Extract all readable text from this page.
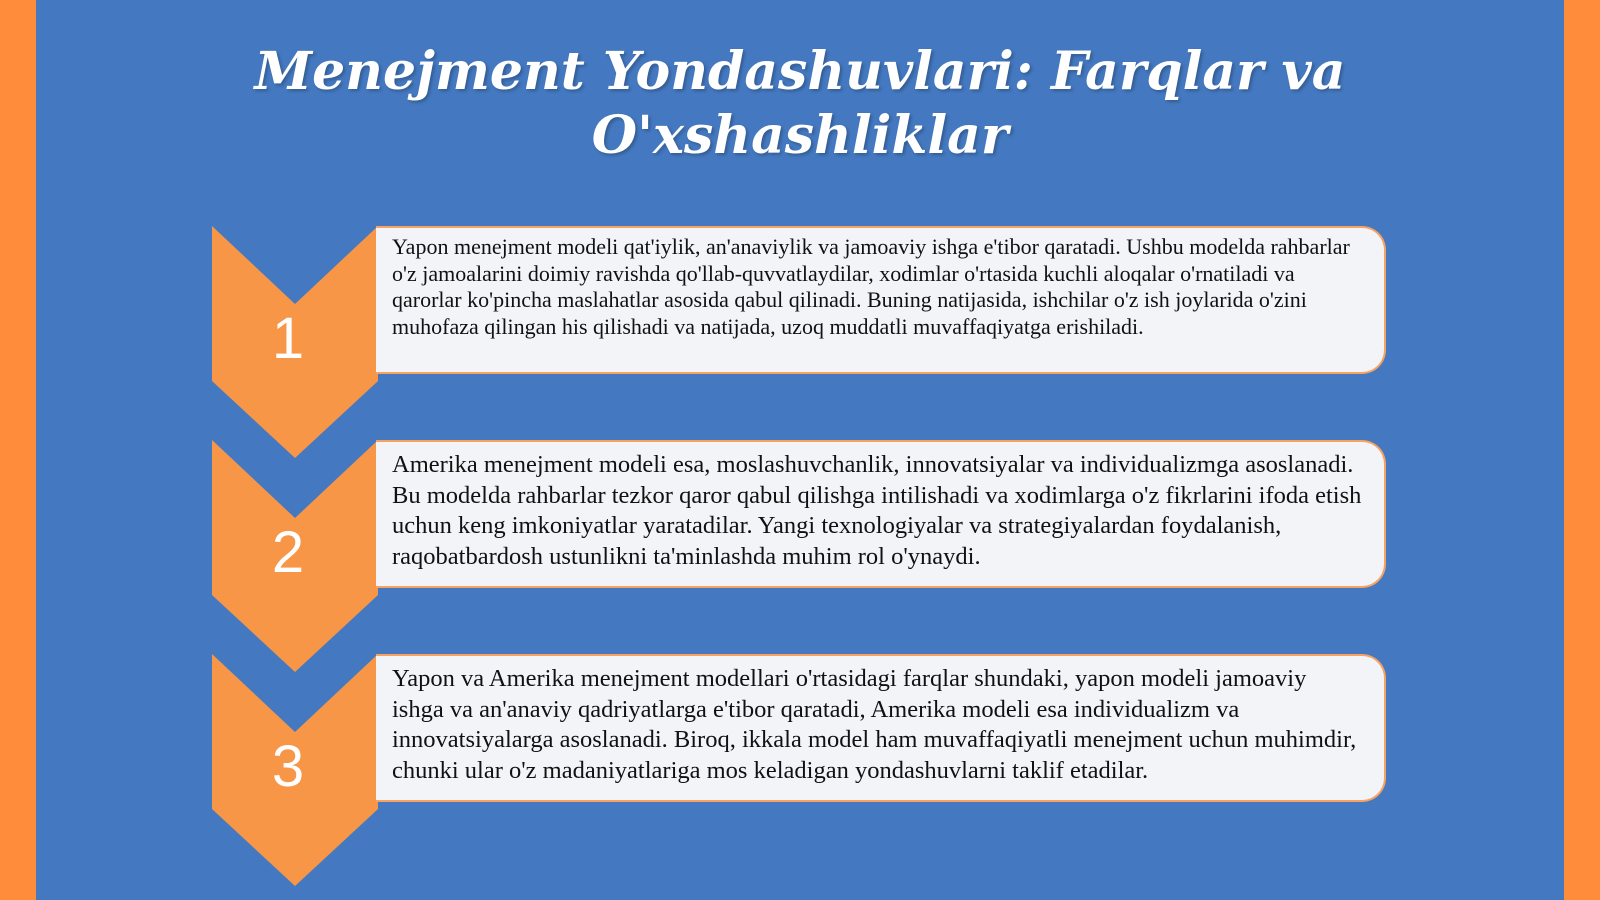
Menejment Yondashuvlari: Farqlar va
O'xshashliklar
1

Yapon menejment modeli qat'iylik, an'anaviylik va jamoaviy ishga e'tibor qaratadi. Ushbu modelda rahbarlar o'z jamoalarini doimiy ravishda qo'llab-quvvatlaydilar, xodimlar o'rtasida kuchli aloqalar o'rnatiladi va qarorlar ko'pincha maslahatlar asosida qabul qilinadi. Buning natijasida, ishchilar o'z ish joylarida o'zini muhofaza qilingan his qilishadi va natijada, uzoq muddatli muvaffaqiyatga erishiladi.

2

Amerika menejment modeli esa, moslashuvchanlik, innovatsiyalar va individualizmga asoslanadi. Bu modelda rahbarlar tezkor qaror qabul qilishga intilishadi va xodimlarga o'z fikrlarini ifoda etish uchun keng imkoniyatlar yaratadilar. Yangi texnologiyalar va strategiyalardan foydalanish, raqobatbardosh ustunlikni ta'minlashda muhim rol o'ynaydi.

3

Yapon va Amerika menejment modellari o'rtasidagi farqlar shundaki, yapon modeli jamoaviy ishga va an'anaviy qadriyatlarga e'tibor qaratadi, Amerika modeli esa individualizm va innovatsiyalarga asoslanadi. Biroq, ikkala model ham muvaffaqiyatli menejment uchun muhimdir, chunki ular o'z madaniyatlariga mos keladigan yondashuvlarni taklif etadilar.
